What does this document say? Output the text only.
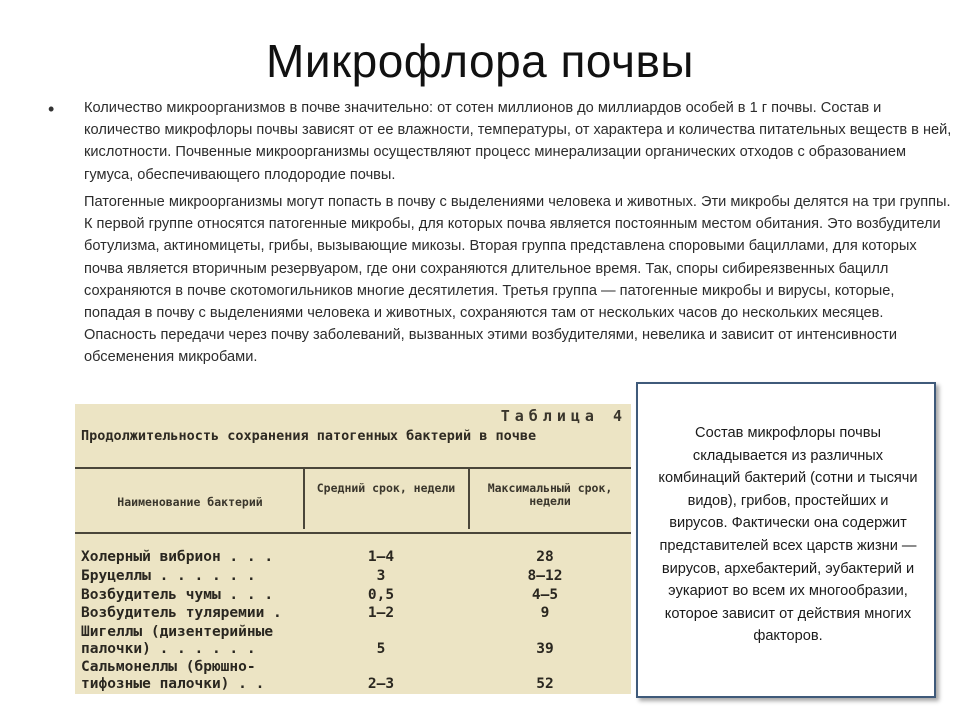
Микрофлора почвы
• Количество микроорганизмов в почве значительно: от сотен миллионов до миллиардов особей в 1 г почвы. Состав и количество микрофлоры почвы зависят от ее влажности, температуры, от характера и количества питательных веществ в ней, кислотности. Почвенные микроорганизмы осуществляют процесс минерализации органических отходов с образованием гумуса, обеспечивающего плодородие почвы.
Патогенные микроорганизмы могут попасть в почву с выделениями человека и животных. Эти микробы делятся на три группы. К первой группе относятся патогенные микробы, для которых почва является постоянным местом обитания. Это возбудители ботулизма, актиномицеты, грибы, вызывающие микозы. Вторая группа представлена споровыми бациллами, для которых почва является вторичным резервуаром, где они сохраняются длительное время. Так, споры сибиреязвенных бацилл сохраняются в почве скотомогильников многие десятилетия. Третья группа — патогенные микробы и вирусы, которые, попадая в почву с выделениями человека и животных, сохраняются там от нескольких часов до нескольких месяцев. Опасность передачи через почву заболеваний, вызванных этими возбудителями, невелика и зависит от интенсивности обсеменения микробами.
Таблица 4
Продолжительность сохранения патогенных бактерий в почве
Наименование бактерий
Средний срок, недели	Максимальный срок, недели
Холерный вибрион . . .	1—4	28
Бруцеллы . . . . . .	3	8—12
Возбудитель чумы . . .	0,5	4—5
Возбудитель туляремии .	1—2	9
Шигеллы (дизентерийные
палочки) . . . . . .	5	39
Сальмонеллы (брюшно-
тифозные палочки) . .	2—3	52
Состав микрофлоры почвы складывается из различных комбинаций бактерий (сотни и тысячи видов), грибов, простейших и вирусов. Фактически она содержит представителей всех царств жизни — вирусов, архебактерий, эубактерий и эукариот во всем их многообразии, которое зависит от действия многих факторов.
